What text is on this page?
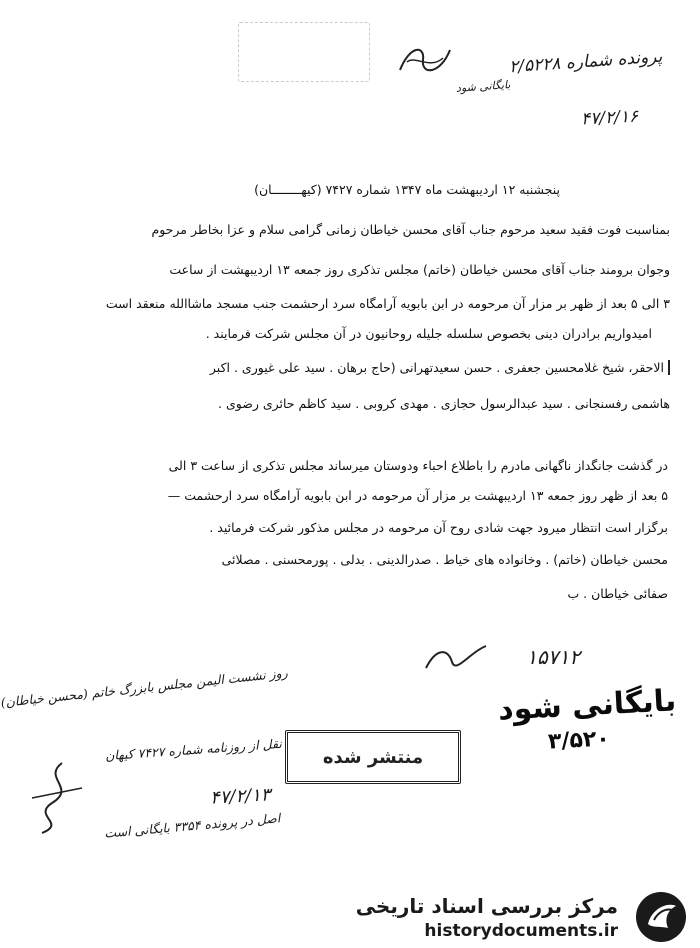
پرونده شماره ۲/۵۲۲۸
بایگانی شود
۴۷/۲/۱۶
پنجشنبه ۱۲ اردیبهشت ماه ۱۳۴۷ شماره ۷۴۲۷ (کیهــــــــان)
بمناسبت فوت فقید سعید مرحوم جناب آقای محسن خیاطان زمانی گرامی سلام و عزا بخاطر مرحوم
وجوان برومند جناب آقای محسن خیاطان (خاتم) مجلس تذکری روز جمعه ۱۳ اردیبهشت از ساعت
۳ الی ۵ بعد از ظهر بر مزار آن مرحومه در ابن بابویه آرامگاه سرد ارحشمت جنب مسجد ماشاالله منعقد است
امیدواریم برادران دینی بخصوص سلسله جلیله روحانیون در آن مجلس شرکت فرمایند .
الاحقر، شیخ غلامحسین جعفری . حسن سعیدتهرانی (حاج برهان . سید علی غیوری . اکبر
هاشمی رفسنجانی . سید عبدالرسول حجازی . مهدی کروبی . سید کاظم حائری رضوی .
در گذشت جانگداز ناگهانی مادرم را باطلاع احباء ودوستان میرساند مجلس تذکری از ساعت ۳ الی
۵ بعد از ظهر روز جمعه ۱۳ اردیبهشت بر مزار آن مرحومه در ابن بابویه آرامگاه سرد ارحشمت —
برگزار است انتظار میرود جهت شادی روح آن مرحومه در مجلس مذکور شرکت فرمائید .
محسن خیاطان (خاتم) . وخانواده های خیاط . صدرالدینی . بدلی . پورمحسنی . مصلائی
صفائی خیاطان . ب
۱۵۷۱۲
بایگانی شود
۳/۵۲۰
منتشر شده
روز نشست الیمن مجلس بابزرگ خاتم (محسن خیاطان)
نقل از روزنامه شماره ۷۴۲۷ کیهان
۴۷/۲/۱۳
اصل در پرونده ۳۳۵۴ بایگانی است
مرکز بررسی اسناد تاریخی
historydocuments.ir
